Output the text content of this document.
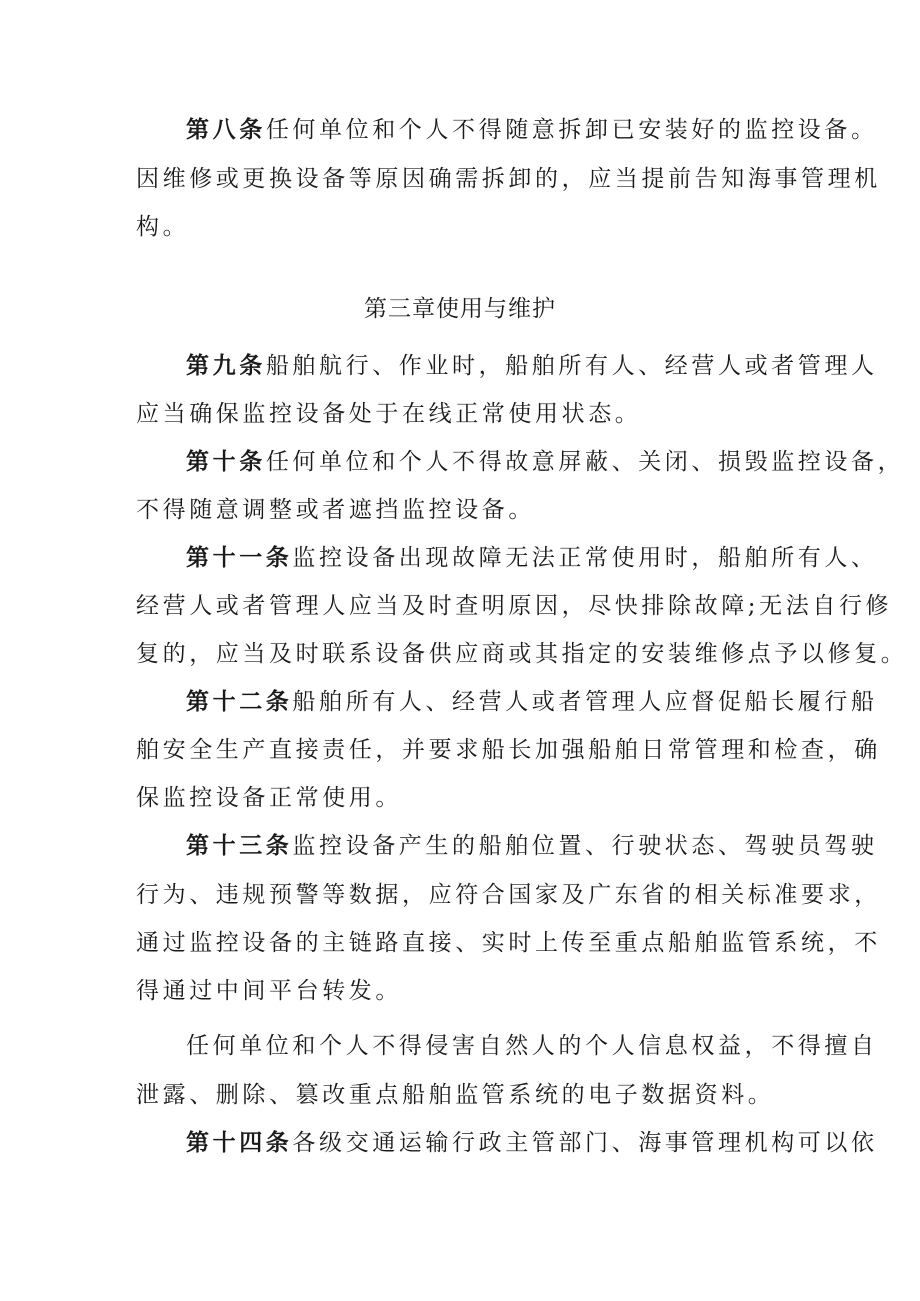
第八条任何单位和个人不得随意拆卸已安装好的监控设备。
因维修或更换设备等原因确需拆卸的，应当提前告知海事管理机
构。
第三章使用与维护
第九条船舶航行、作业时，船舶所有人、经营人或者管理人
应当确保监控设备处于在线正常使用状态。
第十条任何单位和个人不得故意屏蔽、关闭、损毁监控设备，
不得随意调整或者遮挡监控设备。
第十一条监控设备出现故障无法正常使用时，船舶所有人、
经营人或者管理人应当及时查明原因，尽快排除故障;无法自行修
复的，应当及时联系设备供应商或其指定的安装维修点予以修复。
第十二条船舶所有人、经营人或者管理人应督促船长履行船
舶安全生产直接责任，并要求船长加强船舶日常管理和检查，确
保监控设备正常使用。
第十三条监控设备产生的船舶位置、行驶状态、驾驶员驾驶
行为、违规预警等数据，应符合国家及广东省的相关标准要求，
通过监控设备的主链路直接、实时上传至重点船舶监管系统，不
得通过中间平台转发。
任何单位和个人不得侵害自然人的个人信息权益，不得擅自
泄露、删除、篡改重点船舶监管系统的电子数据资料。
第十四条各级交通运输行政主管部门、海事管理机构可以依
